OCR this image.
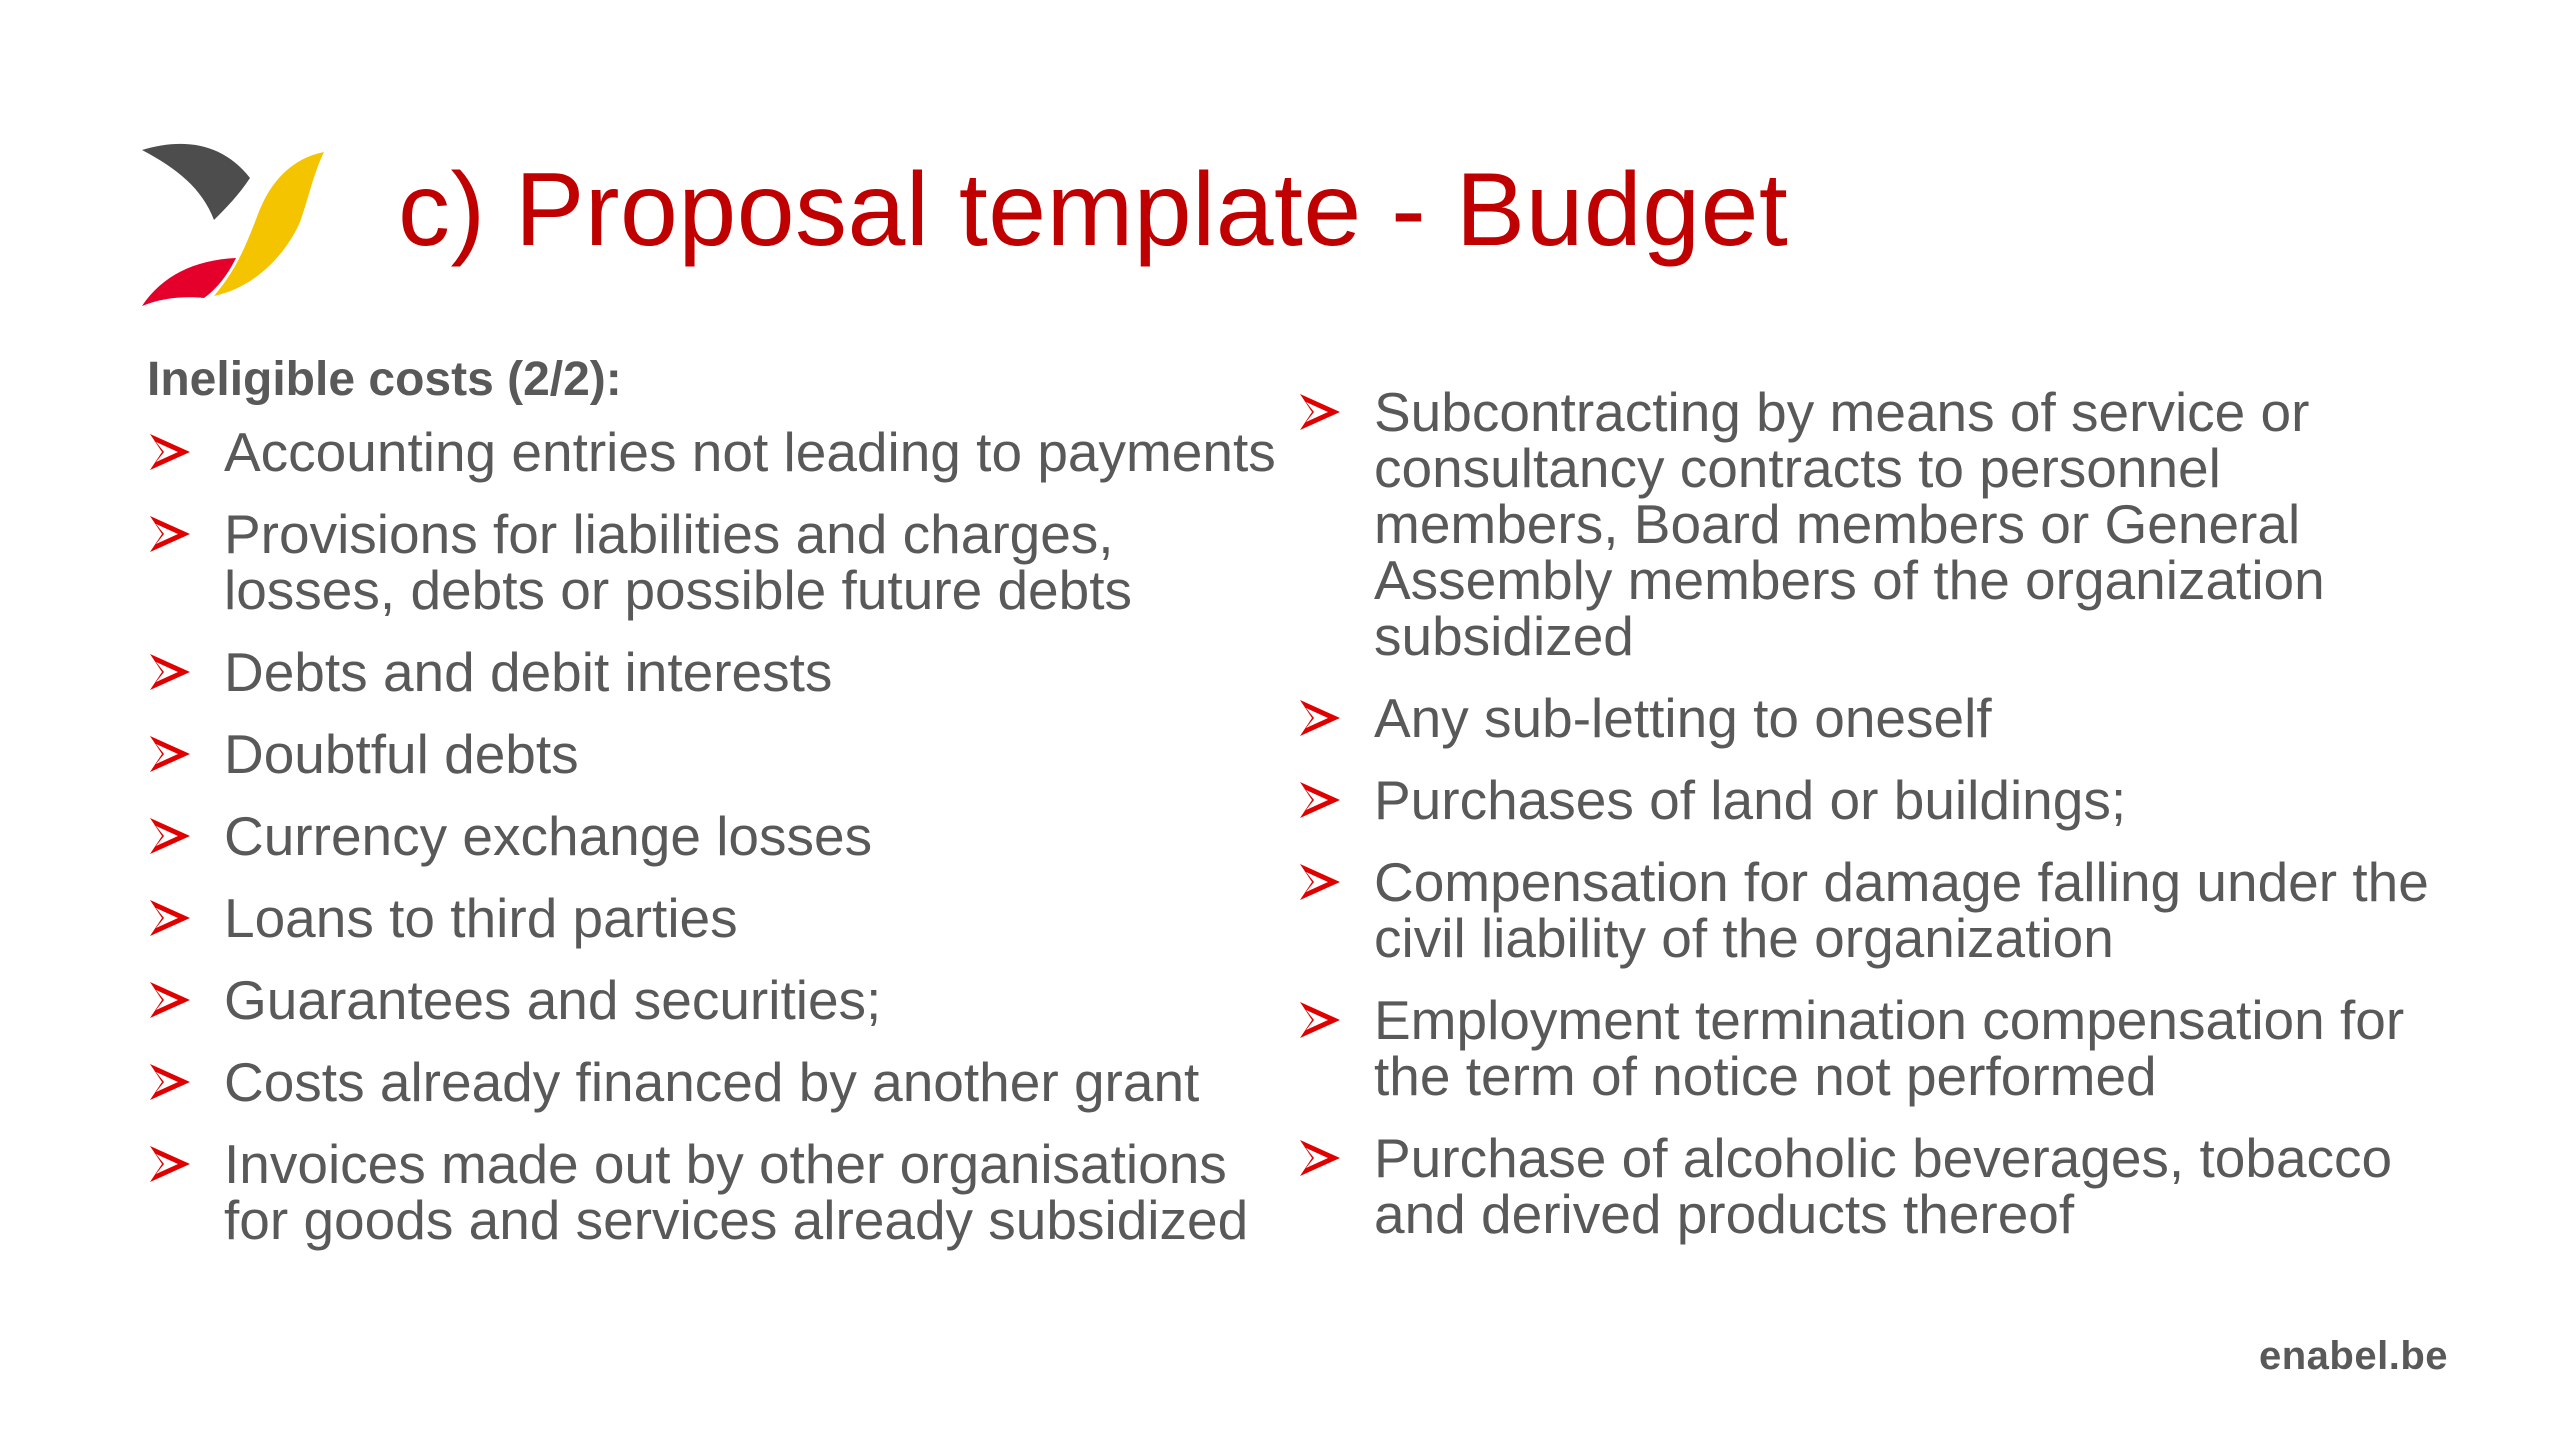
c) Proposal template - Budget
Ineligible costs (2/2):
Accounting entries not leading to payments
Provisions for liabilities and charges, losses, debts or possible future debts
Debts and debit interests
Doubtful debts
Currency exchange losses
Loans to third parties
Guarantees and securities;
Costs already financed by another grant
Invoices made out by other organisations for goods and services already subsidized
Subcontracting by means of service or consultancy contracts to personnel members, Board members or General Assembly members of the organization subsidized
Any sub-letting to oneself
Purchases of land or buildings;
Compensation for damage falling under the civil liability of the organization
Employment termination compensation for the term of notice not performed
Purchase of alcoholic beverages, tobacco and derived products thereof
enabel.be
